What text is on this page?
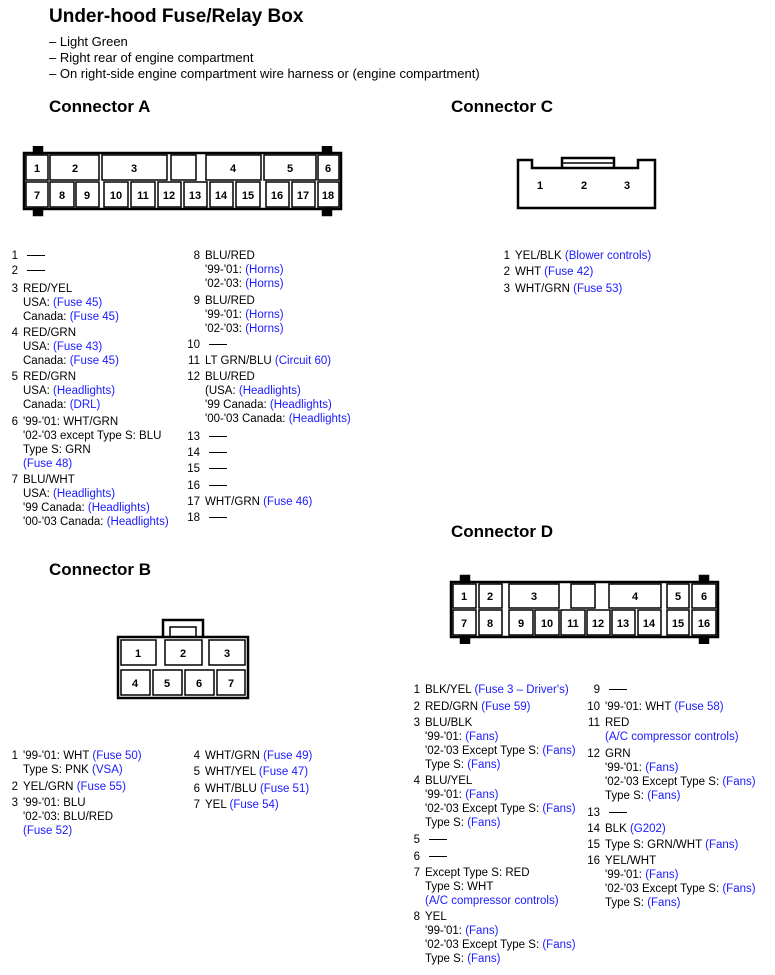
Under-hood Fuse/Relay Box
– Light Green
– Right rear of engine compartment
– On right-side engine compartment wire harness or (engine compartment)
Connector A	Connector C
Connector B
Connector D
1	2	3	4	5	6
7 8 9 10 11 12 13 14 15 16 17 18
1	2	3
1	2	3
4 5 6 7
1 2	3	4	5 6
7 8 9 10 11 12 13 14 15 16
1
2
3 RED/YEL
USA: (Fuse 45)
Canada: (Fuse 45)
4 RED/GRN
USA: (Fuse 43)
Canada: (Fuse 45)
5 RED/GRN
USA: (Headlights)
Canada: (DRL)
6 '99-'01: WHT/GRN
'02-'03 except Type S: BLU
Type S: GRN
(Fuse 48)
7 BLU/WHT
USA: (Headlights)
'99 Canada: (Headlights)
'00-'03 Canada: (Headlights)
8 BLU/RED
'99-'01: (Horns)
'02-'03: (Horns)
9 BLU/RED
'99-'01: (Horns)
'02-'03: (Horns)
10
11 LT GRN/BLU (Circuit 60)
12 BLU/RED
(USA: (Headlights)
'99 Canada: (Headlights)
'00-'03 Canada: (Headlights)
13
14
15
16
17 WHT/GRN (Fuse 46)
18
1 YEL/BLK (Blower controls)
2 WHT (Fuse 42)
3 WHT/GRN (Fuse 53)
1 '99-'01: WHT (Fuse 50)
Type S: PNK (VSA)
2 YEL/GRN (Fuse 55)
3 '99-'01: BLU
'02-'03: BLU/RED
(Fuse 52)
4 WHT/GRN (Fuse 49)
5 WHT/YEL (Fuse 47)
6 WHT/BLU (Fuse 51)
7 YEL (Fuse 54)
1 BLK/YEL (Fuse 3 – Driver's)
2 RED/GRN (Fuse 59)
3 BLU/BLK
'99-'01: (Fans)
'02-'03 Except Type S: (Fans)
Type S: (Fans)
4 BLU/YEL
'99-'01: (Fans)
'02-'03 Except Type S: (Fans)
Type S: (Fans)
5
6
7 Except Type S: RED
Type S: WHT
(A/C compressor controls)
8 YEL
'99-'01: (Fans)
'02-'03 Except Type S: (Fans)
Type S: (Fans)
9
10 '99-'01: WHT (Fuse 58)
11 RED
(A/C compressor controls)
12 GRN
'99-'01: (Fans)
'02-'03 Except Type S: (Fans)
Type S: (Fans)
13
14 BLK (G202)
15 Type S: GRN/WHT (Fans)
16 YEL/WHT
'99-'01: (Fans)
'02-'03 Except Type S: (Fans)
Type S: (Fans)
